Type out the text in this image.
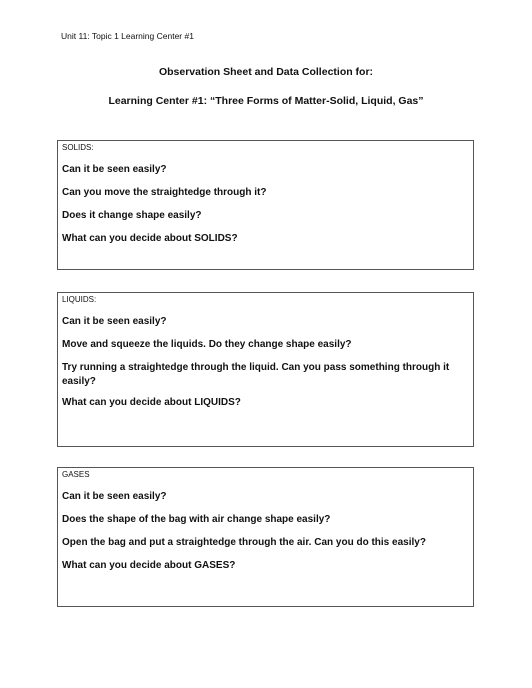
Unit 11: Topic 1 Learning Center #1
Observation Sheet and Data Collection for:
Learning Center #1: “Three Forms of Matter-Solid, Liquid, Gas”
SOLIDS:
Can it be seen easily?
Can you move the straightedge through it?
Does it change shape easily?
What can you decide about SOLIDS?
LIQUIDS:
Can it be seen easily?
Move and squeeze the liquids. Do they change shape easily?
Try running a straightedge through the liquid. Can you pass something through it easily?
What can you decide about LIQUIDS?
GASES
Can it be seen easily?
Does the shape of the bag with air change shape easily?
Open the bag and put a straightedge through the air. Can you do this easily?
What can you decide about GASES?
